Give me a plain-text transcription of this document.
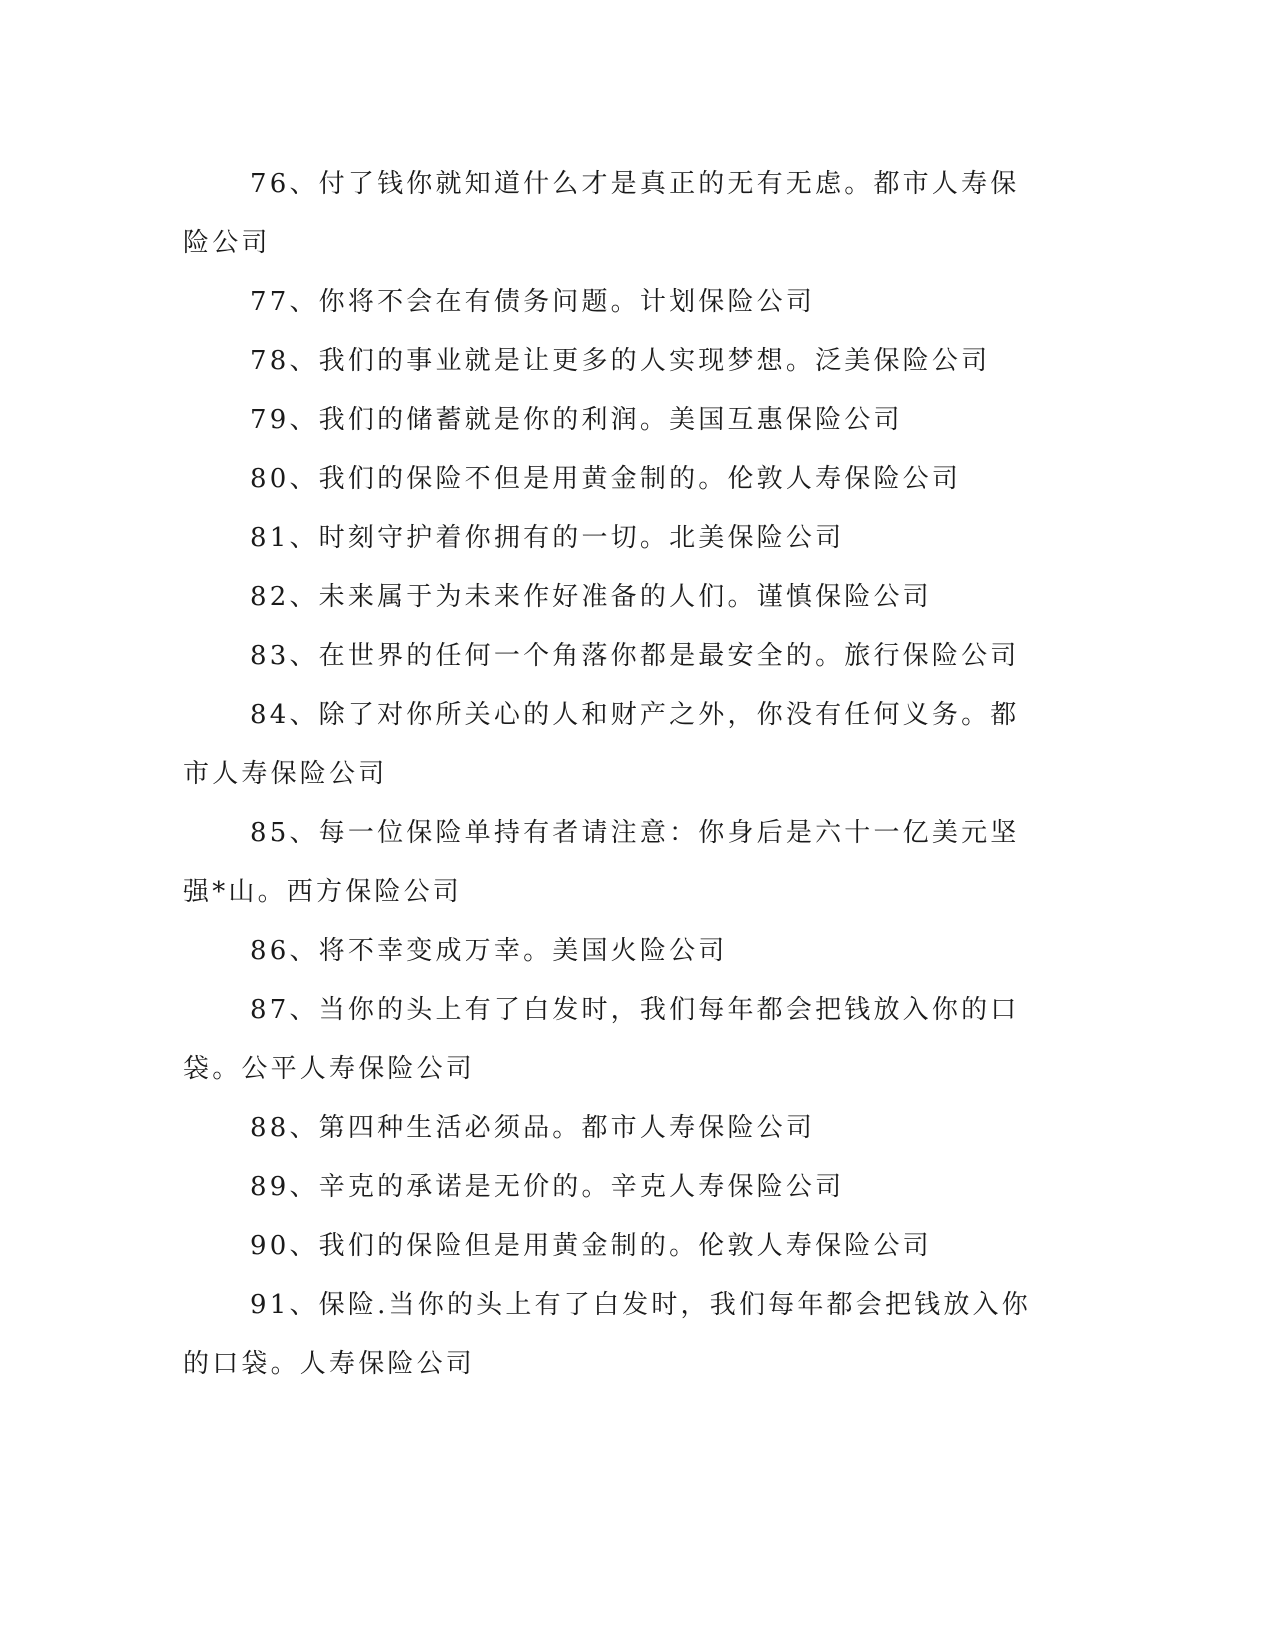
76、付了钱你就知道什么才是真正的无有无虑。都市人寿保险公司

77、你将不会在有债务问题。计划保险公司

78、我们的事业就是让更多的人实现梦想。泛美保险公司

79、我们的储蓄就是你的利润。美国互惠保险公司

80、我们的保险不但是用黄金制的。伦敦人寿保险公司

81、时刻守护着你拥有的一切。北美保险公司

82、未来属于为未来作好准备的人们。谨慎保险公司

83、在世界的任何一个角落你都是最安全的。旅行保险公司

84、除了对你所关心的人和财产之外，你没有任何义务。都市人寿保险公司

85、每一位保险单持有者请注意：你身后是六十一亿美元坚强*山。西方保险公司

86、将不幸变成万幸。美国火险公司

87、当你的头上有了白发时，我们每年都会把钱放入你的口袋。公平人寿保险公司

88、第四种生活必须品。都市人寿保险公司

89、辛克的承诺是无价的。辛克人寿保险公司

90、我们的保险但是用黄金制的。伦敦人寿保险公司

91、保险.当你的头上有了白发时，我们每年都会把钱放入你的口袋。人寿保险公司
